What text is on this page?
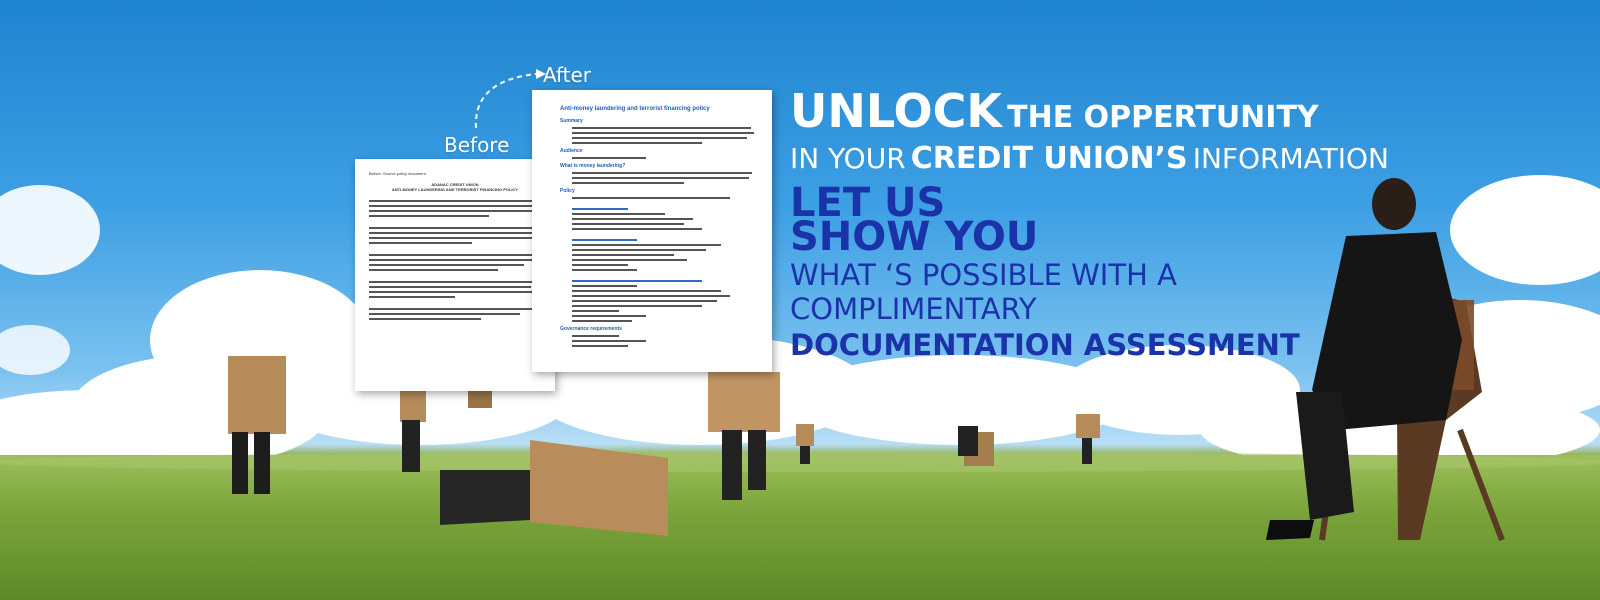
Before
After
Before: Source policy document
ADANAC CREDIT UNION
ANTI-MONEY LAUNDERING AND TERRORIST FINANCING POLICY
Anti-money laundering and terrorist financing policy
Summary
Audience
What is money laundering?
Policy
Governance requirements
UNLOCK THE OPPERTUNITY
IN YOUR CREDIT UNION’S INFORMATION
LET US
SHOW YOU
WHAT ‘S POSSIBLE WITH A
COMPLIMENTARY
DOCUMENTATION ASSESSMENT
